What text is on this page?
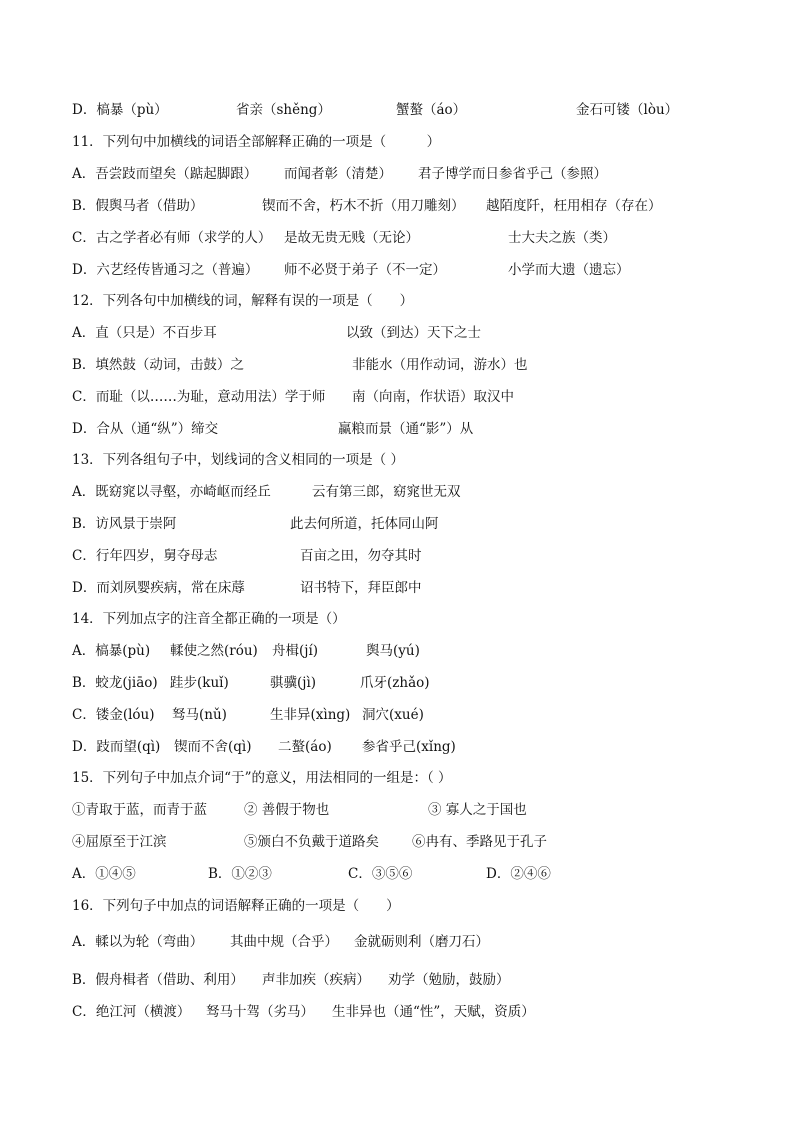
D．槁暴（pù）	省亲（shěng）	蟹螯（áo）	金石可镂（lòu）
11．下列句中加横线的词语全部解释正确的一项是（　　　）
A．吾尝跂而望矣（踮起脚跟） 而闻者彰（清楚） 君子博学而日参省乎己（参照）
B．假舆马者（借助）	锲而不舍，朽木不折（用刀雕刻） 越陌度阡，枉用相存（存在）
C．古之学者必有师（求学的人） 是故无贵无贱（无论）	士大夫之族（类）
D．六艺经传皆通习之（普遍） 师不必贤于弟子（不一定）	小学而大遗（遗忘）
12．下列各句中加横线的词，解释有误的一项是（　　）
A．直（只是）不百步耳	以致（到达）天下之士
B．填然鼓（动词，击鼓）之	非能水（用作动词，游水）也
C．而耻（以……为耻，意动用法）学于师 南（向南，作状语）取汉中
D．合从（通“纵”）缔交	赢粮而景（通“影”）从
13．下列各组句子中，划线词的含义相同的一项是（ ）
A．既窈窕以寻壑，亦崎岖而经丘	云有第三郎，窈窕世无双
B．访风景于崇阿	此去何所道，托体同山阿
C．行年四岁，舅夺母志	百亩之田，勿夺其时
D．而刘夙婴疾病，常在床蓐	诏书特下，拜臣郎中
14．下列加点字的注音全都正确的一项是（）
A．槁暴(pù) 輮使之然(róu) 舟楫(jí)	舆马(yú)
B．蛟龙(jiāo) 跬步(kuǐ)	骐骥(jì)	爪牙(zhǎo)
C．镂金(lóu) 驽马(nǔ)	生非异(xìng) 洞穴(xué)
D．跂而望(qì) 锲而不舍(qì) 二螯(áo) 参省乎己(xǐng)
15．下列句子中加点介词“于”的意义，用法相同的一组是：（ ）
①青取于蓝，而青于蓝	② 善假于物也	③ 寡人之于国也
④屈原至于江滨	⑤颁白不负戴于道路矣 ⑥冉有、季路见于孔子
A．①④⑤	B．①②③	C．③⑤⑥	D．②④⑥
16．下列句子中加点的词语解释正确的一项是（　　）
A．輮以为轮（弯曲） 其曲中规（合乎） 金就砺则利（磨刀石）
B．假舟楫者（借助、利用） 声非加疾（疾病） 劝学（勉励，鼓励）
C．绝江河（横渡） 驽马十驾（劣马） 生非异也（通“性”，天赋，资质）
